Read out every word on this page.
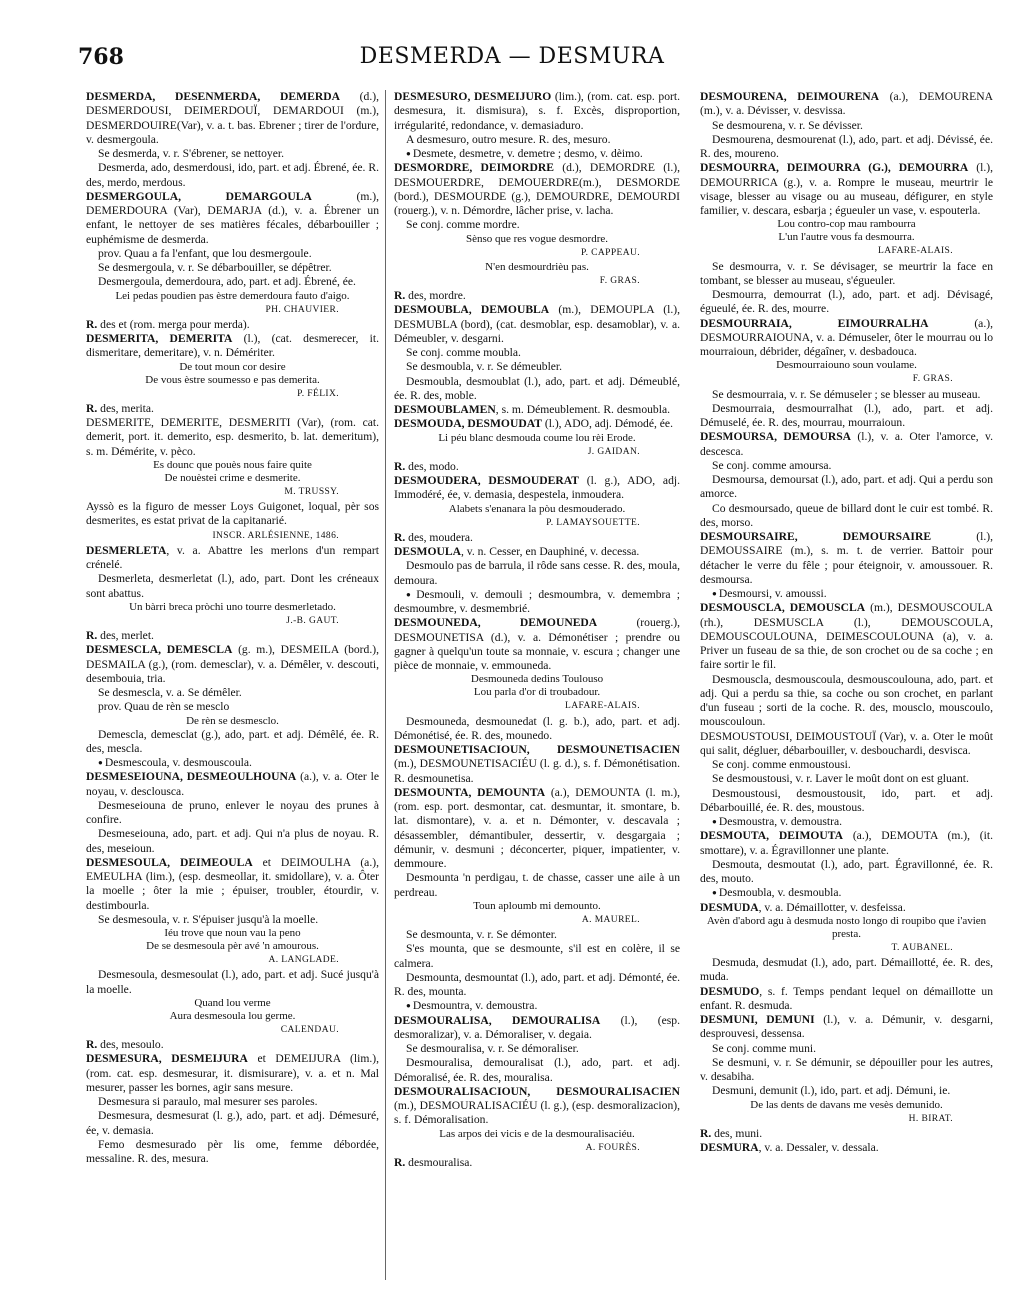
768	DESMERDA — DESMURA

DESMERDA, DESENMERDA, DEMERDA (d.), DESMERDOUSI, DEIMERDOUÏ, DEMARDOUI (m.), DESMERDOUIRE(Var), v. a. t. bas. Ebrener ; tirer de l'ordure, v. desmergoula.

Se desmerda, v. r. S'ébrener, se nettoyer.

Desmerda, ado, desmerdousi, ido, part. et adj. Ébrené, ée. R. des, merdo, merdous.

DESMERGOULA, DEMARGOULA (m.), DEMERDOURA (Var), DEMARJA (d.), v. a. Ébrener un enfant, le nettoyer de ses matières fécales, débarbouiller ; euphémisme de desmerda.

prov. Quau a fa l'enfant, que lou desmergoule.

Se desmergoula, v. r. Se débarbouiller, se dépêtrer.

Desmergoula, demerdoura, ado, part. et adj. Ébrené, ée.

Lei pedas poudien pas èstre demerdoura fauto d'aigo.

PH. CHAUVIER.

R. des et (rom. merga pour merda).

DESMERITA, DEMERITA (l.), (cat. desmerecer, it. dismeritare, demeritare), v. n. Démériter.

De tout moun cor desire

De vous èstre soumesso e pas demerita.

P. FÉLIX.

R. des, merita.

DESMERITE, DEMERITE, DESMERITI (Var), (rom. cat. demerit, port. it. demerito, esp. desmerito, b. lat. demeritum), s. m. Démérite, v. pèco.

Es dounc que pouès nous faire quite

De nouèstei crime e desmerite.

M. TRUSSY.

Ayssò es la figuro de messer Loys Guigonet, loqual, pèr sos desmerites, es estat privat de la capitanarié.

INSCR. ARLÉSIENNE, 1486.

DESMERLETA, v. a. Abattre les merlons d'un rempart crénelé.

Desmerleta, desmerletat (l.), ado, part. Dont les créneaux sont abattus.

Un bàrri breca pròchi uno tourre desmerletado.

J.-B. GAUT.

R. des, merlet.

DESMESCLA, DEMESCLA (g. m.), DESMEILA (bord.), DESMAILA (g.), (rom. demesclar), v. a. Démêler, v. descouti, desembouia, tria.

Se desmescla, v. a. Se démêler.

prov. Quau de rèn se mesclo

De rèn se desmesclo.

Demescla, demesclat (g.), ado, part. et adj. Démêlé, ée. R. des, mescla.

● Desmescoula, v. desmouscoula.

DESMESEIOUNA, DESMEOULHOUNA (a.), v. a. Oter le noyau, v. desclousca.

Desmeseiouna de pruno, enlever le noyau des prunes à confire.

Desmeseiouna, ado, part. et adj. Qui n'a plus de noyau. R. des, meseioun.

DESMESOULA, DEIMEOULA et DEIMOULHA (a.), EMEULHA (lim.), (esp. desmeollar, it. smidollare), v. a. Ôter la moelle ; ôter la mie ; épuiser, troubler, étourdir, v. destimbourla.

Se desmesoula, v. r. S'épuiser jusqu'à la moelle.

Iéu trove que noun vau la peno

De se desmesoula pèr avé 'n amourous.

A. LANGLADE.

Desmesoula, desmesoulat (l.), ado, part. et adj. Sucé jusqu'à la moelle.

Quand lou verme

Aura desmesoula lou germe.

CALENDAU.

R. des, mesoulo.

DESMESURA, DESMEIJURA et DEMEIJURA (lim.), (rom. cat. esp. desmesurar, it. dismisurare), v. a. et n. Mal mesurer, passer les bornes, agir sans mesure.

Desmesura si paraulo, mal mesurer ses paroles.

Desmesura, desmesurat (l. g.), ado, part. et adj. Démesuré, ée, v. demasia.

Femo desmesurado pèr lis ome, femme débordée, messaline. R. des, mesura.

DESMESURO, DESMEIJURO (lim.), (rom. cat. esp. port. desmesura, it. dismisura), s. f. Excès, disproportion, irrégularité, redondance, v. demasiaduro.

A desmesuro, outro mesure. R. des, mesuro.

● Desmete, desmetre, v. demetre ; desmo, v. dèimo.

DESMORDRE, DEIMORDRE (d.), DEMORDRE (l.), DESMOUERDRE, DEMOUERDRE(m.), DESMORDE (bord.), DESMOURDE (g.), DEMOURDRE, DEMOURDI (rouerg.), v. n. Démordre, lâcher prise, v. lacha.

Se conj. comme mordre.

Sènso que res vogue desmordre.

P. CAPPEAU.

N'en desmourdrièu pas.

F. GRAS.

R. des, mordre.

DESMOUBLA, DEMOUBLA (m.), DEMOUPLA (l.), DESMUBLA (bord), (cat. desmoblar, esp. desamoblar), v. a. Démeubler, v. desgarni.

Se conj. comme moubla.

Se desmoubla, v. r. Se démeubler.

Desmoubla, desmoublat (l.), ado, part. et adj. Démeublé, ée. R. des, moble.

DESMOUBLAMEN, s. m. Démeublement. R. desmoubla.

DESMOUDA, DESMOUDAT (l.), ADO, adj. Démodé, ée.

Li péu blanc desmouda coume lou rèi Erode.

J. GAIDAN.

R. des, modo.

DESMOUDERA, DESMOUDERAT (l. g.), ADO, adj. Immodéré, ée, v. demasia, despestela, inmoudera.

Alabets s'enanara la pòu desmouderado.

P. LAMAYSOUETTE.

R. des, moudera.

DESMOULA, v. n. Cesser, en Dauphiné, v. decessa.

Desmoulo pas de barrula, il rôde sans cesse. R. des, moula, demoura.

● Desmouli, v. demouli ; desmoumbra, v. demembra ; desmoumbre, v. desmembrié.

DESMOUNEDA, DEMOUNEDA (rouerg.), DESMOUNETISA (d.), v. a. Démonétiser ; prendre ou gagner à quelqu'un toute sa monnaie, v. escura ; changer une pièce de monnaie, v. emmouneda.

Desmouneda dedins Toulouso

Lou parla d'or di troubadour.

LAFARE-ALAIS.

Desmouneda, desmounedat (l. g. b.), ado, part. et adj. Démonétisé, ée. R. des, mounedo.

DESMOUNETISACIOUN, DESMOUNETISACIEN (m.), DESMOUNETISACIÉU (l. g. d.), s. f. Démonétisation. R. desmounetisa.

DESMOUNTA, DEMOUNTA (a.), DEMOUNTA (l. m.), (rom. esp. port. desmontar, cat. desmuntar, it. smontare, b. lat. dismontare), v. a. et n. Démonter, v. descavala ; désassembler, démantibuler, dessertir, v. desgargaia ; démunir, v. desmuni ; déconcerter, piquer, impatienter, v. demmoure.

Desmounta 'n perdigau, t. de chasse, casser une aile à un perdreau.

Toun aploumb mi demounto.

A. MAUREL.

Se desmounta, v. r. Se démonter.

S'es mounta, que se desmounte, s'il est en colère, il se calmera.

Desmounta, desmountat (l.), ado, part. et adj. Démonté, ée. R. des, mounta.

● Desmountra, v. demoustra.

DESMOURALISA, DEMOURALISA (l.), (esp. desmoralizar), v. a. Démoraliser, v. degaia.

Se desmouralisa, v. r. Se démoraliser.

Desmouralisa, demouralisat (l.), ado, part. et adj. Démoralisé, ée. R. des, mouralisa.

DESMOURALISACIOUN, DESMOURALISACIEN (m.), DESMOURALISACIÉU (l. g.), (esp. desmoralizacion), s. f. Démoralisation.

Las arpos dei vicis e de la desmouralisaciéu.

A. FOURÈS.

R. desmouralisa.

DESMOURENA, DEIMOURENA (a.), DEMOURENA (m.), v. a. Dévisser, v. desvissa.

Se desmourena, v. r. Se dévisser.

Desmourena, desmourenat (l.), ado, part. et adj. Dévissé, ée. R. des, moureno.

DESMOURRA, DEIMOURRA (G.), DEMOURRA (l.), DEMOURRICA (g.), v. a. Rompre le museau, meurtrir le visage, blesser au visage ou au museau, défigurer, en style familier, v. descara, esbarja ; égueuler un vase, v. espouterla.

Lou contro-cop mau rambourra

L'un l'autre vous fa desmourra.

LAFARE-ALAIS.

Se desmourra, v. r. Se dévisager, se meurtrir la face en tombant, se blesser au museau, s'égueuler.

Desmourra, demourrat (l.), ado, part. et adj. Dévisagé, égueulé, ée. R. des, mourre.

DESMOURRAIA, EIMOURRALHA (a.), DESMOURRAIOUNA, v. a. Démuseler, ôter le mourrau ou lo mourraioun, débrider, dégaîner, v. desbadouca.

Desmourraiouno soun voulame.

F. GRAS.

Se desmourraia, v. r. Se démuseler ; se blesser au museau.

Desmourraia, desmourralhat (l.), ado, part. et adj. Démuselé, ée. R. des, mourrau, mourraioun.

DESMOURSA, DEMOURSA (l.), v. a. Oter l'amorce, v. descesca.

Se conj. comme amoursa.

Desmoursa, demoursat (l.), ado, part. et adj. Qui a perdu son amorce.

Co desmoursado, queue de billard dont le cuir est tombé. R. des, morso.

DESMOURSAIRE, DEMOURSAIRE (l.), DEMOUSSAIRE (m.), s. m. t. de verrier. Battoir pour détacher le verre du fêle ; pour éteignoir, v. amoussouer. R. desmoursa.

● Desmoursi, v. amoussi.

DESMOUSCLA, DEMOUSCLA (m.), DESMOUSCOULA (rh.), DESMUSCLA (l.), DEMOUSCOULA, DEMOUSCOULOUNA, DEIMESCOULOUNA (a), v. a. Priver un fuseau de sa thie, de son crochet ou de sa coche ; en faire sortir le fil.

Desmouscla, desmouscoula, desmouscoulouna, ado, part. et adj. Qui a perdu sa thie, sa coche ou son crochet, en parlant d'un fuseau ; sorti de la coche. R. des, mousclo, mouscoulo, mouscouloun.

DESMOUSTOUSI, DEIMOUSTOUÏ (Var), v. a. Oter le moût qui salit, dégluer, débarbouiller, v. desbouchardi, desvisca.

Se conj. comme enmoustousi.

Se desmoustousi, v. r. Laver le moût dont on est gluant.

Desmoustousi, desmoustousit, ido, part. et adj. Débarbouillé, ée. R. des, moustous.

● Desmoustra, v. demoustra.

DESMOUTA, DEIMOUTA (a.), DEMOUTA (m.), (it. smottare), v. a. Égravillonner une plante.

Desmouta, desmoutat (l.), ado, part. Égravillonné, ée. R. des, mouto.

● Desmoubla, v. desmoubla.

DESMUDA, v. a. Démaillotter, v. desfeissa.

Avèn d'abord agu à desmuda nosto longo di roupibo que i'avien presta.

T. AUBANEL.

Desmuda, desmudat (l.), ado, part. Démaillotté, ée. R. des, muda.

DESMUDO, s. f. Temps pendant lequel on démaillotte un enfant. R. desmuda.

DESMUNI, DEMUNI (l.), v. a. Démunir, v. desgarni, desprouvesi, dessensa.

Se conj. comme muni.

Se desmuni, v. r. Se démunir, se dépouiller pour les autres, v. desabiha.

Desmuni, demunit (l.), ido, part. et adj. Démuni, ie.

De las dents de davans me vesès demunido.

H. BIRAT.

R. des, muni.

DESMURA, v. a. Dessaler, v. dessala.
